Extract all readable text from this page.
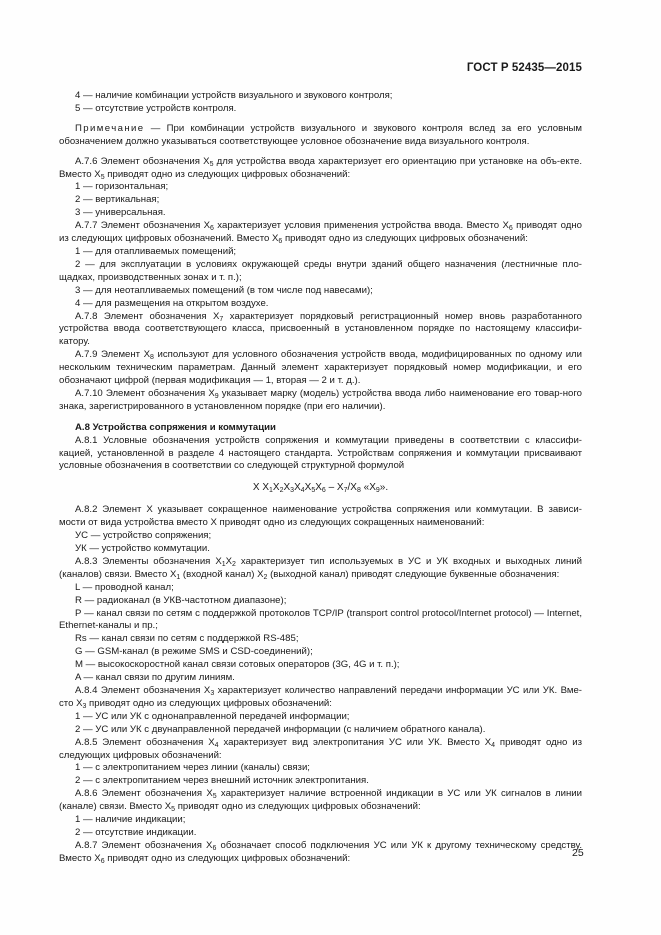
ГОСТ Р 52435—2015

4 — наличие комбинации устройств визуального и звукового контроля;

5 — отсутствие устройств контроля.

Примечание — При комбинации устройств визуального и звукового контроля вслед за его условным обозначением должно указываться соответствующее условное обозначение вида визуального контроля.

А.7.6 Элемент обозначения $X_5$ для устройства ввода характеризует его ориентацию при установке на объ-екте. Вместо $X_5$ приводят одно из следующих цифровых обозначений:

1 — горизонтальная;

2 — вертикальная;

3 — универсальная.

А.7.7 Элемент обозначения $X_6$ характеризует условия применения устройства ввода. Вместо $X_6$ приводят одно из следующих цифровых обозначений. Вместо $X_6$ приводят одно из следующих цифровых обозначений:

1 — для отапливаемых помещений;

2 — для эксплуатации в условиях окружающей среды внутри зданий общего назначения (лестничные пло-щадках, производственных зонах и т. п.);

3 — для неотапливаемых помещений (в том числе под навесами);

4 — для размещения на открытом воздухе.

А.7.8 Элемент обозначения $X_7$ характеризует порядковый регистрационный номер вновь разработанного устройства ввода соответствующего класса, присвоенный в установленном порядке по настоящему классифи-катору.

А.7.9 Элемент $X_8$ используют для условного обозначения устройств ввода, модифицированных по одному или нескольким техническим параметрам. Данный элемент характеризует порядковый номер модификации, и его обозначают цифрой (первая модификация — 1, вторая — 2 и т. д.).

А.7.10 Элемент обозначения $X_9$ указывает марку (модель) устройства ввода либо наименование его товар-ного знака, зарегистрированного в установленном порядке (при его наличии).

А.8 Устройства сопряжения и коммутации

А.8.1 Условные обозначения устройств сопряжения и коммутации приведены в соответствии с классифи-кацией, установленной в разделе 4 настоящего стандарта. Устройствам сопряжения и коммутации присваивают условные обозначения в соответствии со следующей структурной формулой

X $X_1X_2X_3X_4X_5X_6 - X_7/X_8$ «$X_9$».

А.8.2 Элемент X указывает сокращенное наименование устройства сопряжения или коммутации. В зависи-мости от вида устройства вместо X приводят одно из следующих сокращенных наименований:

УС — устройство сопряжения;

УК — устройство коммутации.

А.8.3 Элементы обозначения $X_1X_2$ характеризует тип используемых в УС и УК входных и выходных линий (каналов) связи. Вместо $X_1$ (входной канал) $X_2$ (выходной канал) приводят следующие буквенные обозначения:

L — проводной канал;

R — радиоканал (в УКВ-частотном диапазоне);

P — канал связи по сетям с поддержкой протоколов TCP/IP (transport control protocol/Internet protocol) — Internet, Ethernet-каналы и пр.;

Rs — канал связи по сетям с поддержкой RS-485;

G — GSM-канал (в режиме SMS и CSD-соединений);

M — высокоскоростной канал связи сотовых операторов (3G, 4G и т. п.);

A — канал связи по другим линиям.

А.8.4 Элемент обозначения $X_3$ характеризует количество направлений передачи информации УС или УК. Вме-сто $X_3$ приводят одно из следующих цифровых обозначений:

1 — УС или УК с однонаправленной передачей информации;

2 — УС или УК с двунаправленной передачей информации (с наличием обратного канала).

А.8.5 Элемент обозначения $X_4$ характеризует вид электропитания УС или УК. Вместо $X_4$ приводят одно из следующих цифровых обозначений:

1 — с электропитанием через линии (каналы) связи;

2 — с электропитанием через внешний источник электропитания.

А.8.6 Элемент обозначения $X_5$ характеризует наличие встроенной индикации в УС или УК сигналов в линии (канале) связи. Вместо $X_5$ приводят одно из следующих цифровых обозначений:

1 — наличие индикации;

2 — отсутствие индикации.

А.8.7 Элемент обозначения $X_6$ обозначает способ подключения УС или УК к другому техническому средству. Вместо $X_6$ приводят одно из следующих цифровых обозначений:	25
